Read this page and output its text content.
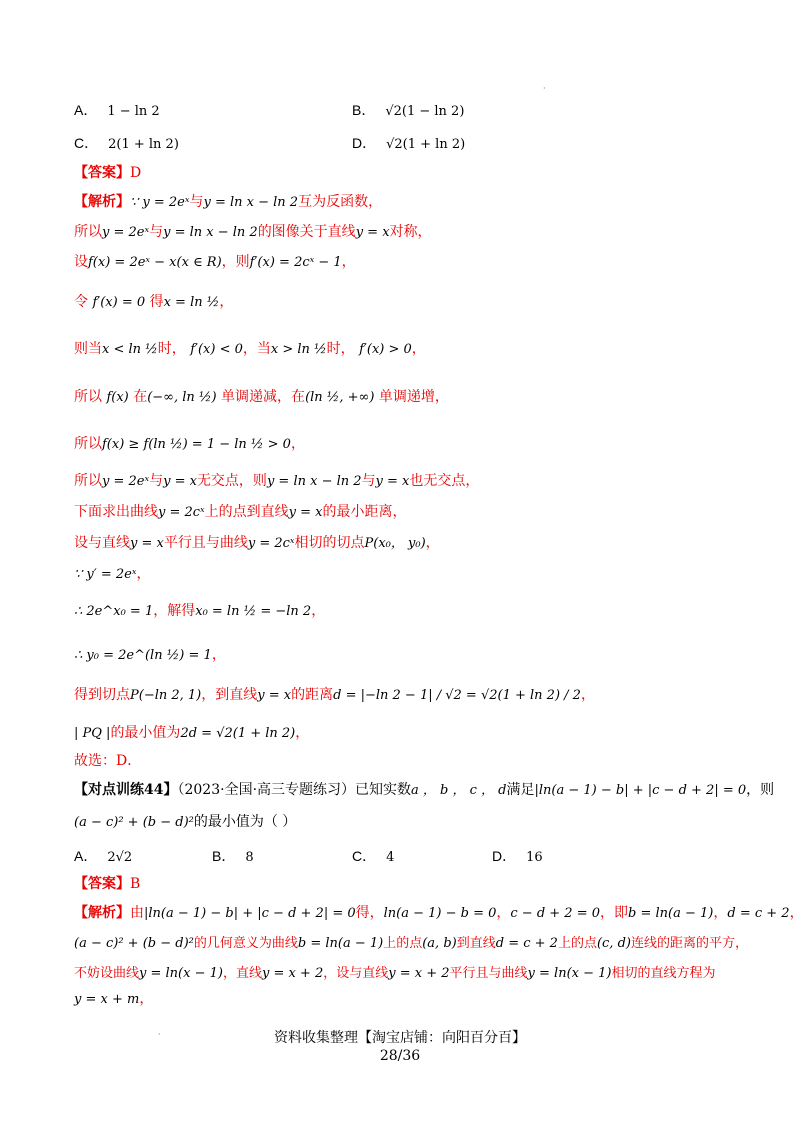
·
A． 1 − ln 2	B． √2(1 − ln 2)
C． 2(1 + ln 2)	D． √2(1 + ln 2)
【答案】D
【解析】∵ y = 2eˣ与y = ln x − ln 2互为反函数，
所以y = 2eˣ与y = ln x − ln 2的图像关于直线y = x对称，
设f(x) = 2eˣ − x(x ∈ R)，则f′(x) = 2cˣ − 1，
令 f′(x) = 0 得x = ln ½，
则当x < ln ½时， f′(x) < 0，当x > ln ½时， f′(x) > 0，
所以 f(x) 在(−∞, ln ½) 单调递减，在(ln ½, +∞) 单调递增，
所以f(x) ≥ f(ln ½) = 1 − ln ½ > 0，
所以y = 2eˣ与y = x无交点，则y = ln x − ln 2与y = x也无交点，
下面求出曲线y = 2cˣ上的点到直线y = x的最小距离，
设与直线y = x平行且与曲线y = 2cˣ相切的切点P(x₀， y₀)，
∵ y′ = 2eˣ，
∴ 2e^x₀ = 1，解得x₀ = ln ½ = −ln 2，
∴ y₀ = 2e^(ln ½) = 1，
得到切点P(−ln 2, 1)，到直线y = x的距离d = |−ln 2 − 1| / √2 = √2(1 + ln 2) / 2，
| PQ |的最小值为2d = √2(1 + ln 2)，
故选：D．
【对点训练44】（2023·全国·高三专题练习）已知实数a ， b ， c ， d满足|ln(a − 1) − b| + |c − d + 2| = 0，则
(a − c)² + (b − d)²的最小值为（ ）
A． 2√2	B． 8	C． 4	D． 16
【答案】B
【解析】由|ln(a − 1) − b| + |c − d + 2| = 0得，ln(a − 1) − b = 0，c − d + 2 = 0，即b = ln(a − 1)，d = c + 2，
(a − c)² + (b − d)²的几何意义为曲线b = ln(a − 1)上的点(a, b)到直线d = c + 2上的点(c, d)连线的距离的平方，
不妨设曲线y = ln(x − 1)，直线y = x + 2，设与直线y = x + 2平行且与曲线y = ln(x − 1)相切的直线方程为
y = x + m，
·	资料收集整理【淘宝店铺：向阳百分百】
28/36
